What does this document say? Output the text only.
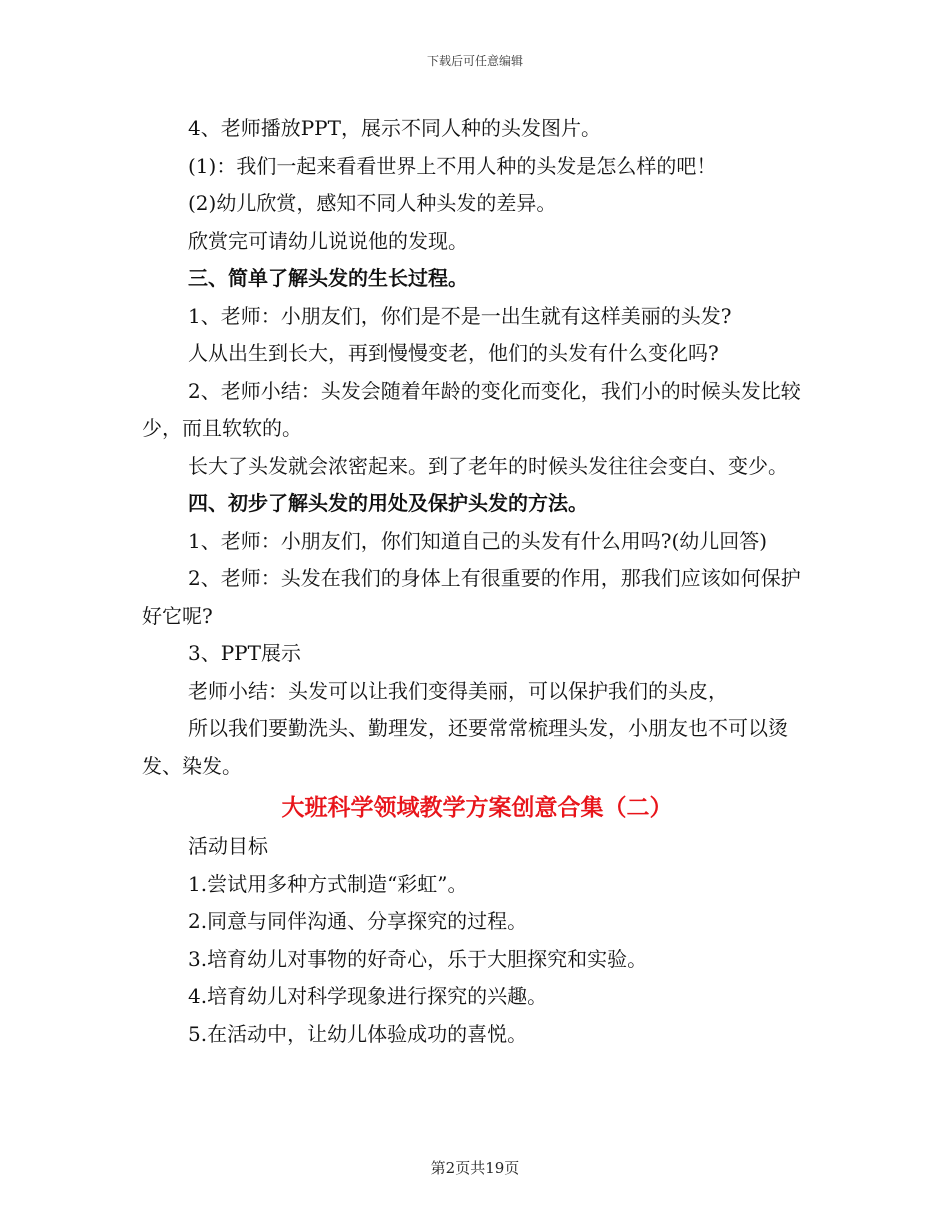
下载后可任意编辑

4、老师播放PPT，展示不同人种的头发图片。

(1)：我们一起来看看世界上不用人种的头发是怎么样的吧！

(2)幼儿欣赏，感知不同人种头发的差异。

欣赏完可请幼儿说说他的发现。

三、简单了解头发的生长过程。

1、老师：小朋友们，你们是不是一出生就有这样美丽的头发?

人从出生到长大，再到慢慢变老，他们的头发有什么变化吗?

2、老师小结：头发会随着年龄的变化而变化，我们小的时候头发比较少，而且软软的。

长大了头发就会浓密起来。到了老年的时候头发往往会变白、变少。

四、初步了解头发的用处及保护头发的方法。

1、老师：小朋友们，你们知道自己的头发有什么用吗?(幼儿回答)

2、老师：头发在我们的身体上有很重要的作用，那我们应该如何保护好它呢?

3、PPT展示

老师小结：头发可以让我们变得美丽，可以保护我们的头皮，

所以我们要勤洗头、勤理发，还要常常梳理头发，小朋友也不可以烫发、染发。

大班科学领域教学方案创意合集（二）

活动目标

1.尝试用多种方式制造“彩虹”。

2.同意与同伴沟通、分享探究的过程。

3.培育幼儿对事物的好奇心，乐于大胆探究和实验。

4.培育幼儿对科学现象进行探究的兴趣。

5.在活动中，让幼儿体验成功的喜悦。

第2页共19页
